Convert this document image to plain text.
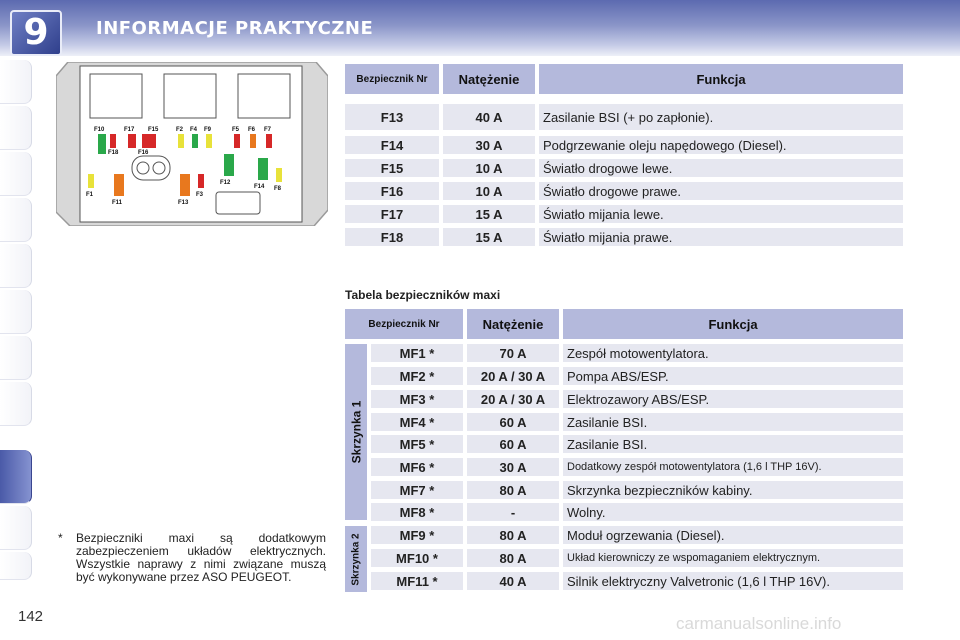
9	INFORMACJE PRAKTYCZNE
F10	F17 F15	F2 F4 F9	F5 F6 F7
F16
F18
F1
F11	F13
F3
F12
F14 F8
Bezpiecznik Nr	Natężenie	Funkcja
F13	40 A	Zasilanie BSI (+ po zapłonie).
F14	30 A	Podgrzewanie oleju napędowego (Diesel).
F15	10 A	Światło drogowe lewe.
F16	10 A	Światło drogowe prawe.
F17	15 A	Światło mijania lewe.
F18	15 A	Światło mijania prawe.
Tabela bezpieczników maxi
Bezpiecznik Nr	Natężenie	Funkcja
Skrzynka 1
Skrzynka 2
MF1 *	70 A	Zespół motowentylatora.
MF2 *	20 A / 30 A	Pompa ABS/ESP.
MF3 *	20 A / 30 A	Elektrozawory ABS/ESP.
MF4 *	60 A	Zasilanie BSI.
MF5 *	60 A	Zasilanie BSI.
MF6 *	30 A	Dodatkowy zespół motowentylatora (1,6 l THP 16V).
MF7 *	80 A	Skrzynka bezpieczników kabiny.
MF8 *	-	Wolny.
MF9 *	80 A	Moduł ogrzewania (Diesel).
MF10 *	80 A	Układ kierowniczy ze wspomaganiem elektrycznym.
MF11 *	40 A	Silnik elektryczny Valvetronic (1,6 l THP 16V).
*	Bezpieczniki maxi są dodatkowym zabezpieczeniem układów elektrycznych. Wszystkie naprawy z nimi związane muszą być wykonywane przez ASO PEUGEOT.
142	carmanualsonline.info
